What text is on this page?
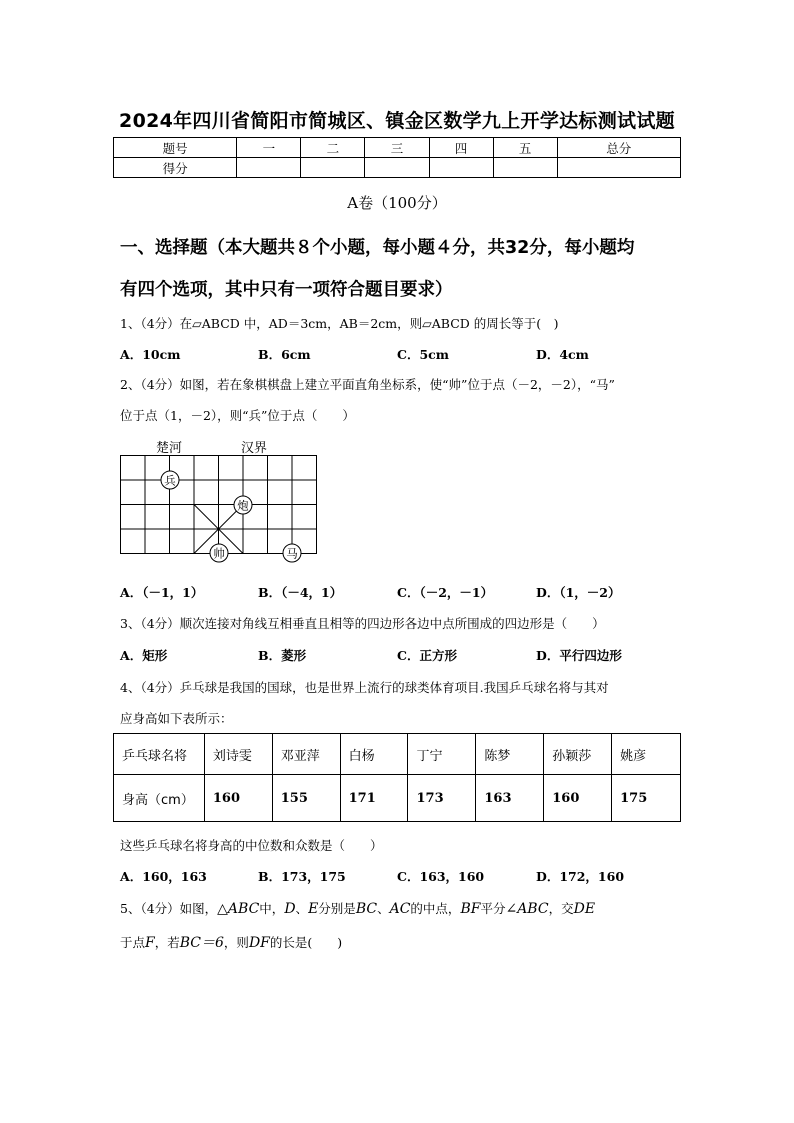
2024年四川省简阳市简城区、镇金区数学九上开学达标测试试题
题号	一	二	三	四	五	总分
得分						
A卷（100分）
一、选择题（本大题共８个小题，每小题４分，共32分，每小题均
有四个选项，其中只有一项符合题目要求）
1、（4分）在▱ABCD 中，AD＝3cm，AB＝2cm，则▱ABCD 的周长等于(　)
A．10cm	B．6cm	C．5cm	D．4cm
2、（4分）如图，若在象棋棋盘上建立平面直角坐标系，使“帅”位于点（－2，－2），“马”
位于点（1，－2），则“兵”位于点（　　）
楚河	汉界
兵
炮
帅	马
A．（－1，1）	B．（－4，1）	C．（－2，－1）	D．（1，－2）
3、（4分）顺次连接对角线互相垂直且相等的四边形各边中点所围成的四边形是（　　）
A．矩形	B．菱形	C．正方形	D．平行四边形
4、（4分）乒乓球是我国的国球，也是世界上流行的球类体育项目.我国乒乓球名将与其对
应身高如下表所示：
乒乓球名将	刘诗雯	邓亚萍	白杨	丁宁	陈梦	孙颖莎	姚彦
身高（cm）	160	155	171	173	163	160	175
这些乒乓球名将身高的中位数和众数是（　　）
A．160，163	B．173，175	C．163，160	D．172，160
5、（4分）如图，△ABC中，D、E分别是BC、AC的中点，BF平分∠ABC，交DE
于点F，若BC＝6，则DF的长是(　　)
